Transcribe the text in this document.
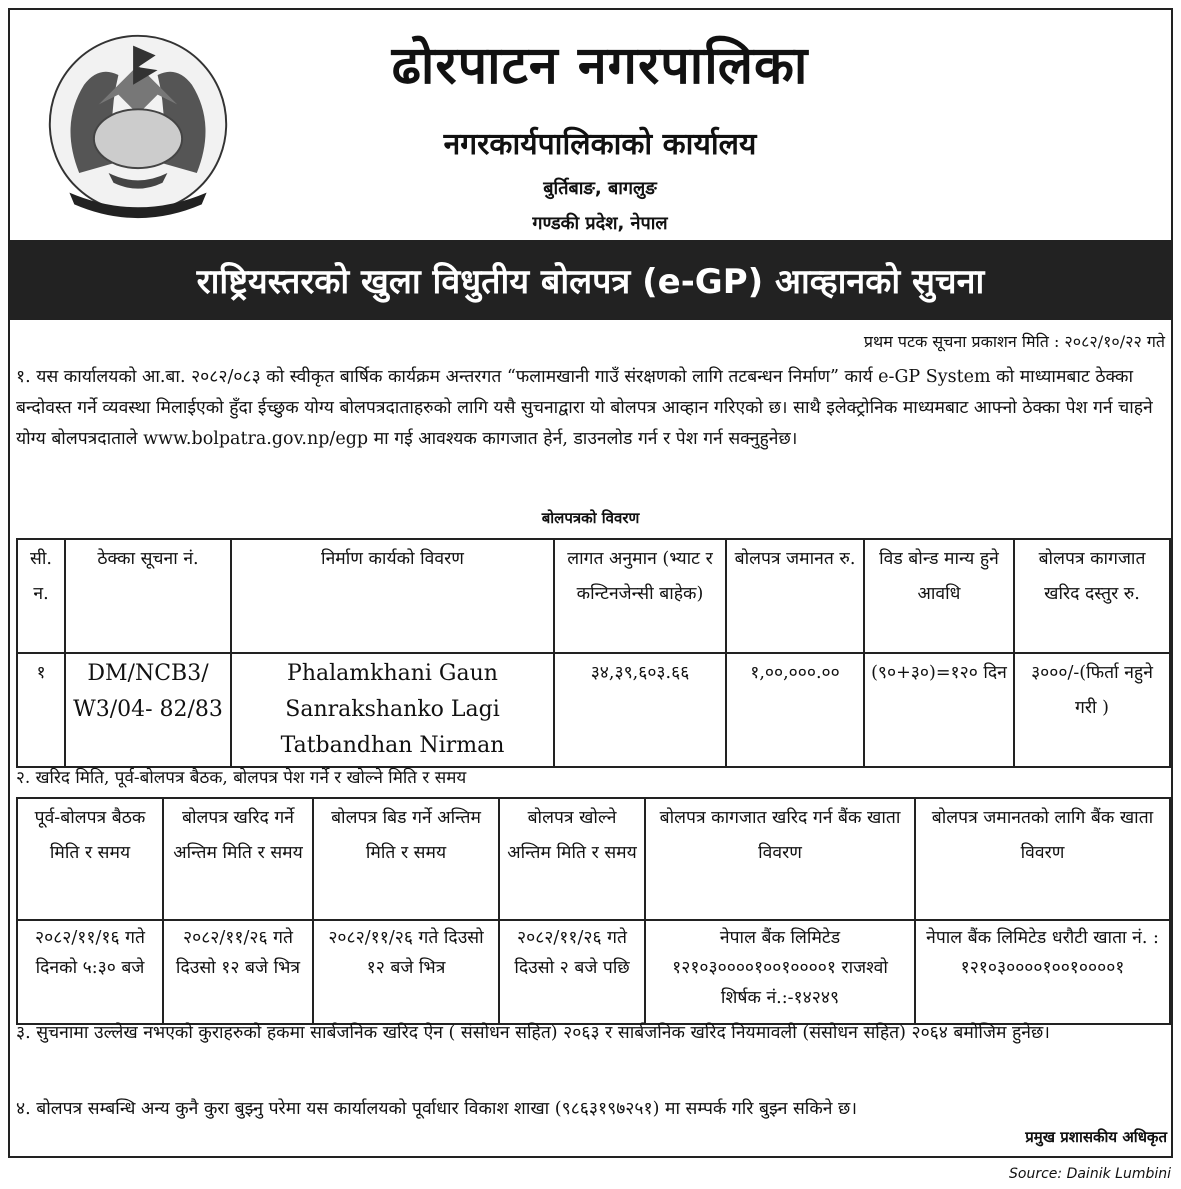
ढोरपाटन नगरपालिका
नगरकार्यपालिकाको कार्यालय
बुर्तिबाङ, बागलुङ
गण्डकी प्रदेश, नेपाल
राष्ट्रियस्तरको खुला विधुतीय बोलपत्र (e-GP) आव्हानको सुचना
प्रथम पटक सूचना प्रकाशन मिति : २०८२/१०/२२ गते
१. यस कार्यालयको आ.बा. २०८२/०८३ को स्वीकृत बार्षिक कार्यक्रम अन्तरगत “फलामखानी गाउँ संरक्षणको लागि तटबन्धन निर्माण” कार्य e-GP System को माध्यामबाट ठेक्का बन्दोवस्त गर्ने व्यवस्था मिलाईएको हुँदा ईच्छुक योग्य बोलपत्रदाताहरुको लागि यसै सुचनाद्वारा यो बोलपत्र आव्हान गरिएको छ। साथै इलेक्ट्रोनिक माध्यमबाट आफ्नो ठेक्का पेश गर्न चाहने योग्य बोलपत्रदाताले www.bolpatra.gov.np/egp मा गई आवश्यक कागजात हेर्न, डाउनलोड गर्न र पेश गर्न सक्नुहुनेछ।
बोलपत्रको विवरण
सी. न.	ठेक्का सूचना नं.	निर्माण कार्यको विवरण	लागत अनुमान (भ्याट र कन्टिनजेन्सी बाहेक)	बोलपत्र जमानत रु.	विड बोन्ड मान्य हुने आवधि	बोलपत्र कागजात खरिद दस्तुर रु.
१	DM/NCB3/ W3/04- 82/83	Phalamkhani Gaun Sanrakshanko Lagi Tatbandhan Nirman	३४,३९,६०३.६६	१,००,०००.००	(९०+३०)=१२० दिन	३०००/-(फिर्ता नहुने गरी )
२. खरिद मिति, पूर्व-बोलपत्र बैठक, बोलपत्र पेश गर्ने र खोल्ने मिति र समय
पूर्व-बोलपत्र बैठक मिति र समय	बोलपत्र खरिद गर्ने अन्तिम मिति र समय	बोलपत्र बिड गर्ने अन्तिम मिति र समय	बोलपत्र खोल्ने अन्तिम मिति र समय	बोलपत्र कागजात खरिद गर्न बैंक खाता विवरण	बोलपत्र जमानतको लागि बैंक खाता विवरण
२०८२/११/१६ गते दिनको ५:३० बजे	२०८२/११/२६ गते दिउसो १२ बजे भित्र	२०८२/११/२६ गते दिउसो १२ बजे भित्र	२०८२/११/२६ गते दिउसो २ बजे पछि	नेपाल बैंक लिमिटेड १२१०३००००१००१००००१ राजश्वो शिर्षक नं.:-१४२४९	नेपाल बैंक लिमिटेड धरौटी खाता नं. : १२१०३००००१००१००००१
३. सुचनामा उल्लेख नभएको कुराहरुको हकमा सार्बजनिक खरिद ऐन ( संसोधन सहित) २०६३ र सार्बजनिक खरिद नियमावली (संसोधन सहित) २०६४ बमोजिम हुनेछ।
४. बोलपत्र सम्बन्धि अन्य कुनै कुरा बुझ्नु परेमा यस कार्यालयको पूर्वाधार विकाश शाखा (९८६३१९७२५१) मा सम्पर्क गरि बुझ्न सकिने छ।
प्रमुख प्रशासकीय अधिकृत
Source: Dainik Lumbini
